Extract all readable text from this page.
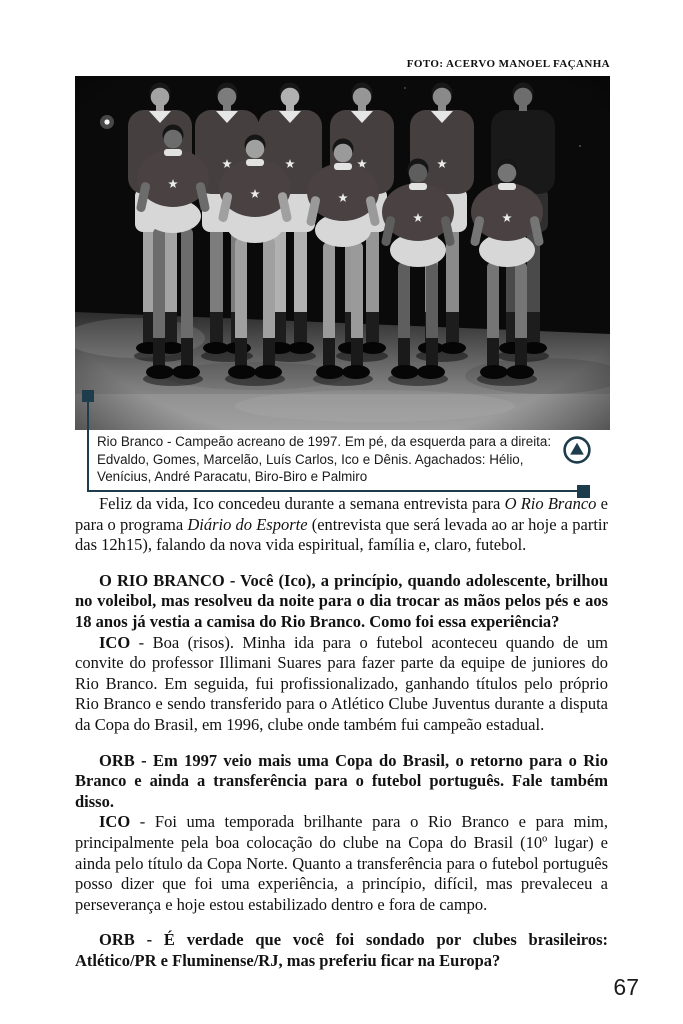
FOTO: ACERVO MANOEL FAÇANHA
Rio Branco - Campeão acreano de 1997. Em pé, da esquerda para a direita: Edvaldo, Gomes, Marcelão, Luís Carlos, Ico e Dênis. Agachados: Hélio, Venícius, André Paracatu, Biro-Biro e Palmiro

Feliz da vida, Ico concedeu durante a semana entrevista para O Rio Branco e para o programa Diário do Esporte (entrevista que será levada ao ar hoje a partir das 12h15), falando da nova vida espiritual, família e, claro, futebol.

O RIO BRANCO - Você (Ico), a princípio, quando adolescente, brilhou no voleibol, mas resolveu da noite para o dia trocar as mãos pelos pés e aos 18 anos já vestia a camisa do Rio Branco. Como foi essa experiência?

ICO - Boa (risos). Minha ida para o futebol aconteceu quando de um convite do professor Illimani Suares para fazer parte da equipe de juniores do Rio Branco. Em seguida, fui profissionalizado, ganhando títulos pelo próprio Rio Branco e sendo transferido para o Atlético Clube Juventus durante a disputa da Copa do Brasil, em 1996, clube onde também fui campeão estadual.

ORB - Em 1997 veio mais uma Copa do Brasil, o retorno para o Rio Branco e ainda a transferência para o futebol português. Fale também disso.

ICO - Foi uma temporada brilhante para o Rio Branco e para mim, principalmente pela boa colocação do clube na Copa do Brasil (10º lugar) e ainda pelo título da Copa Norte. Quanto a transferência para o futebol português posso dizer que foi uma experiência, a princípio, difícil, mas prevaleceu a perseverança e hoje estou estabilizado dentro e fora de campo.

ORB - É verdade que você foi sondado por clubes brasileiros: Atlético/PR e Fluminense/RJ, mas preferiu ficar na Europa?

67
